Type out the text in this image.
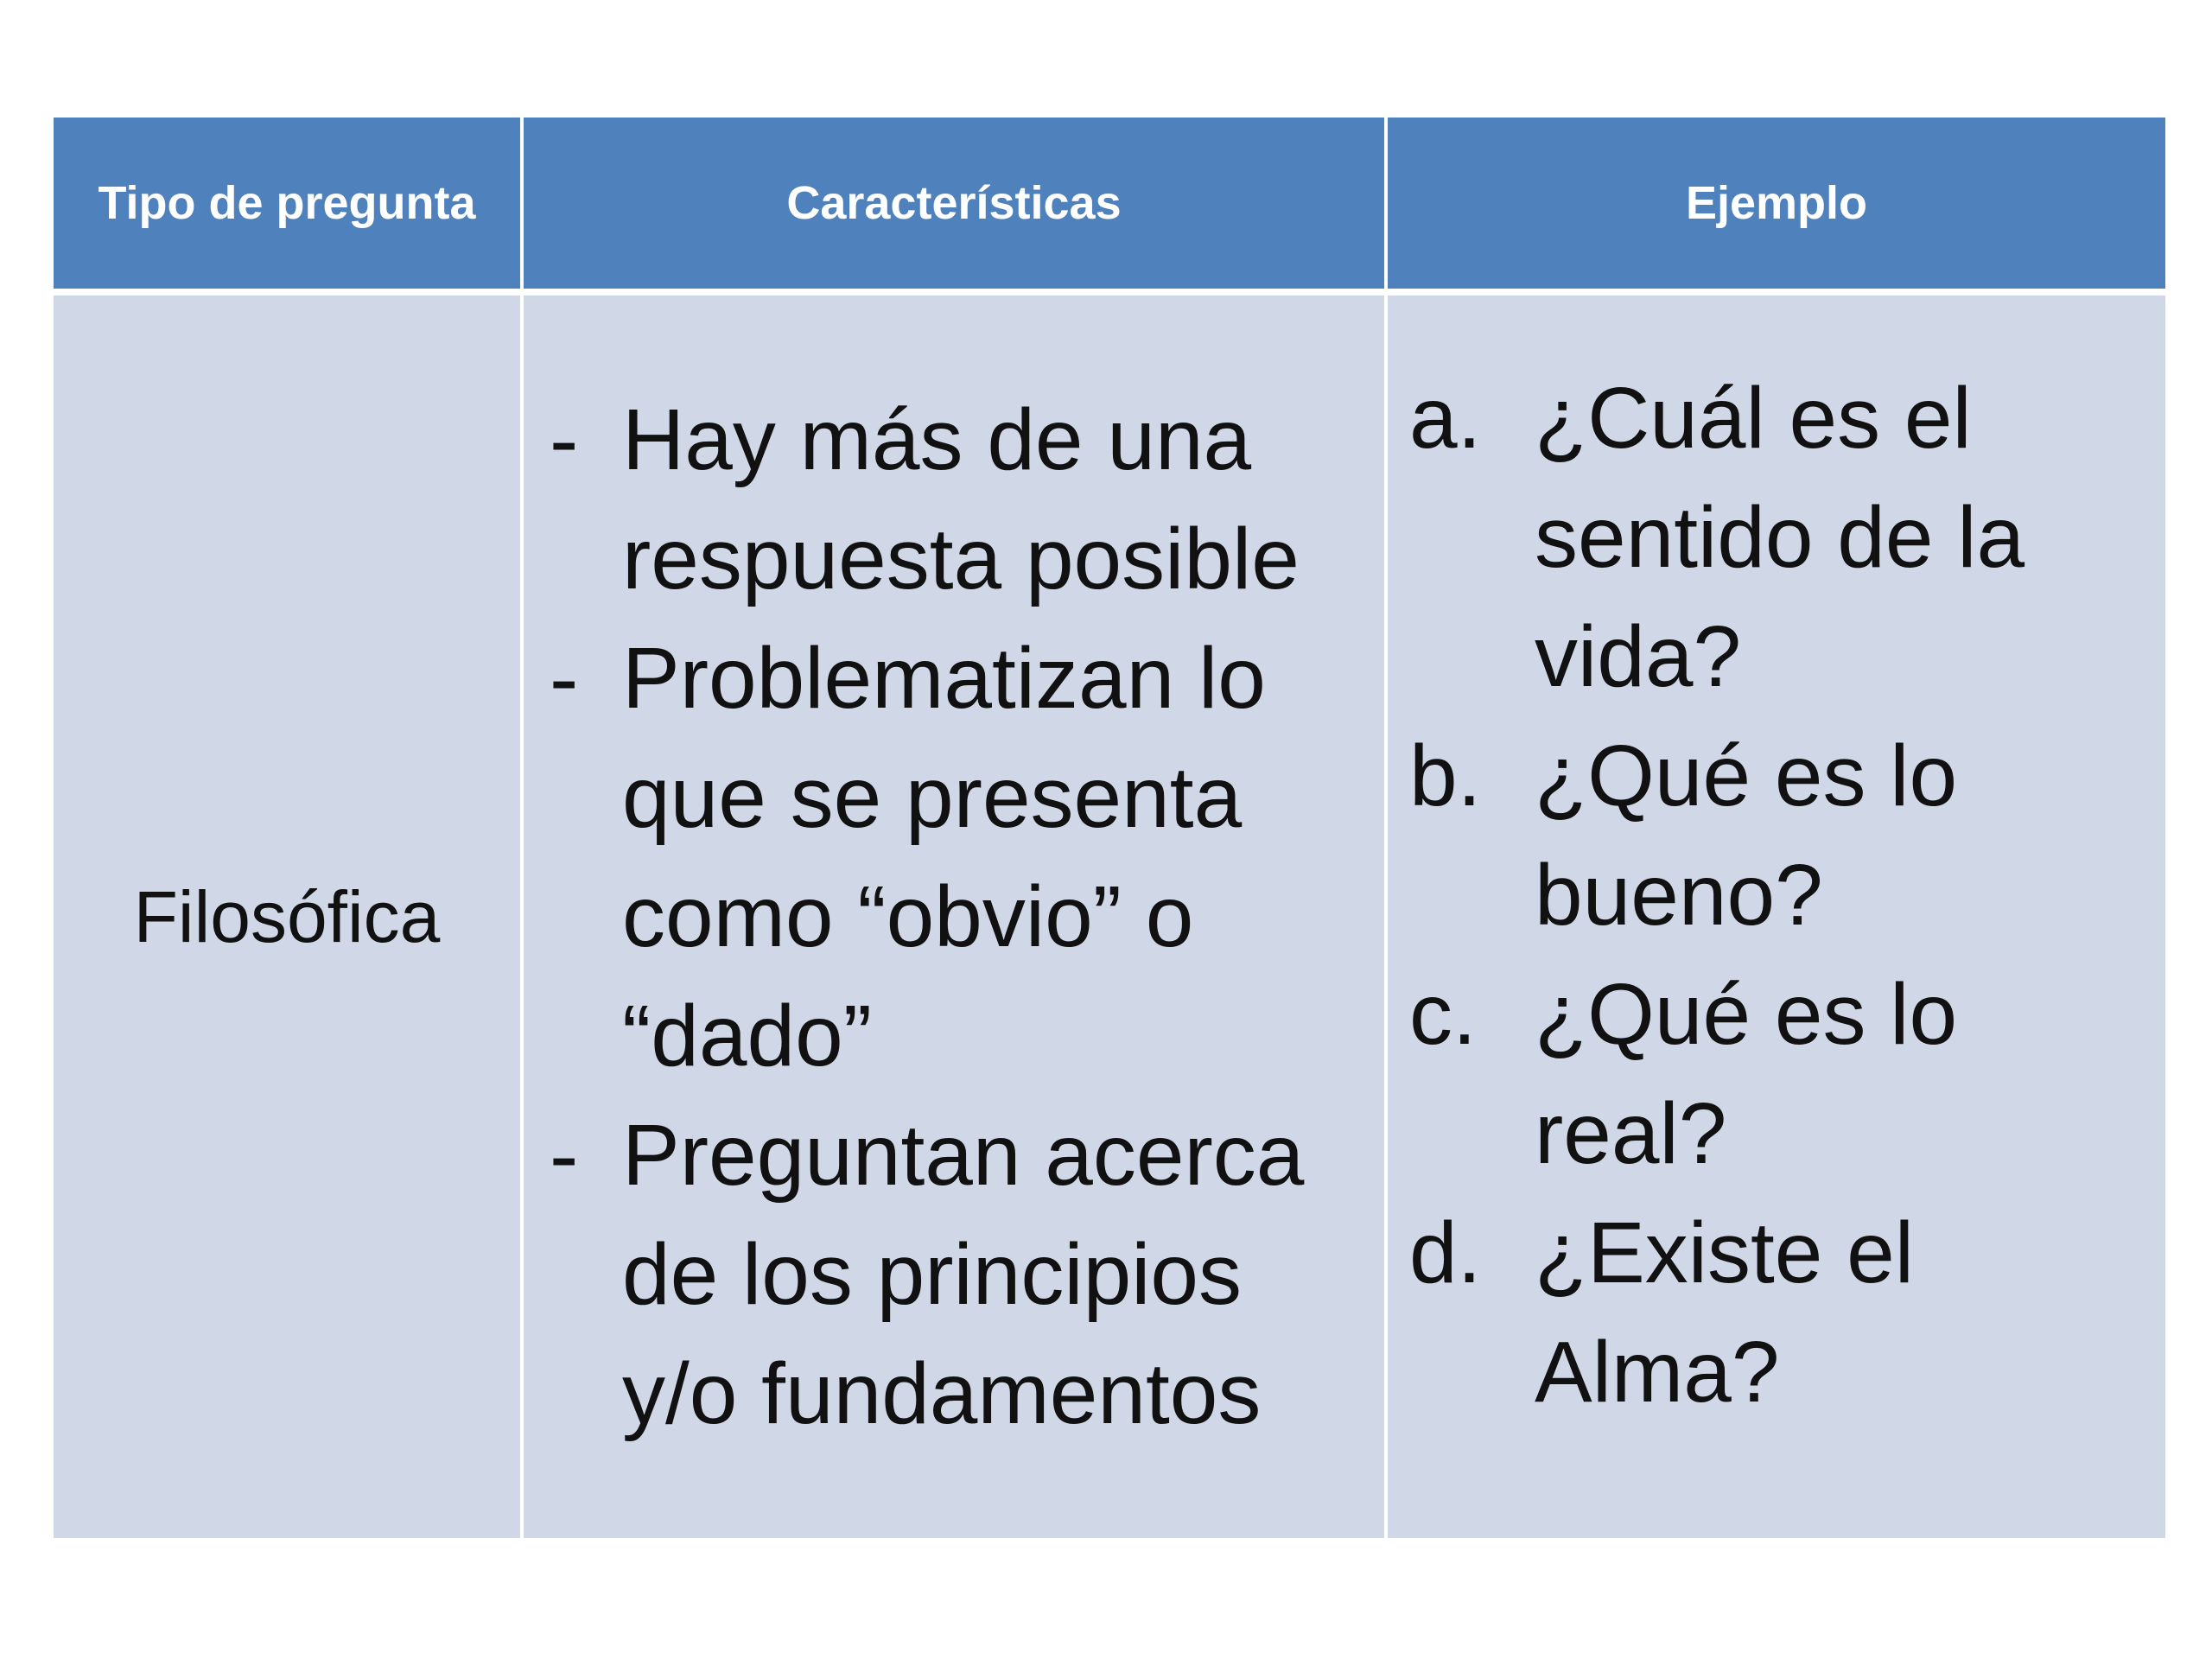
Tipo de pregunta	Características	Ejemplo
Filosófica
- Hay más de una respuesta posible
- Problematizan lo que se presenta como “obvio” o “dado”
- Preguntan acerca de los principios y/o fundamentos
a. ¿Cuál es el sentido de la vida?
b. ¿Qué es lo bueno?
c. ¿Qué es lo real?
d. ¿Existe el Alma?
